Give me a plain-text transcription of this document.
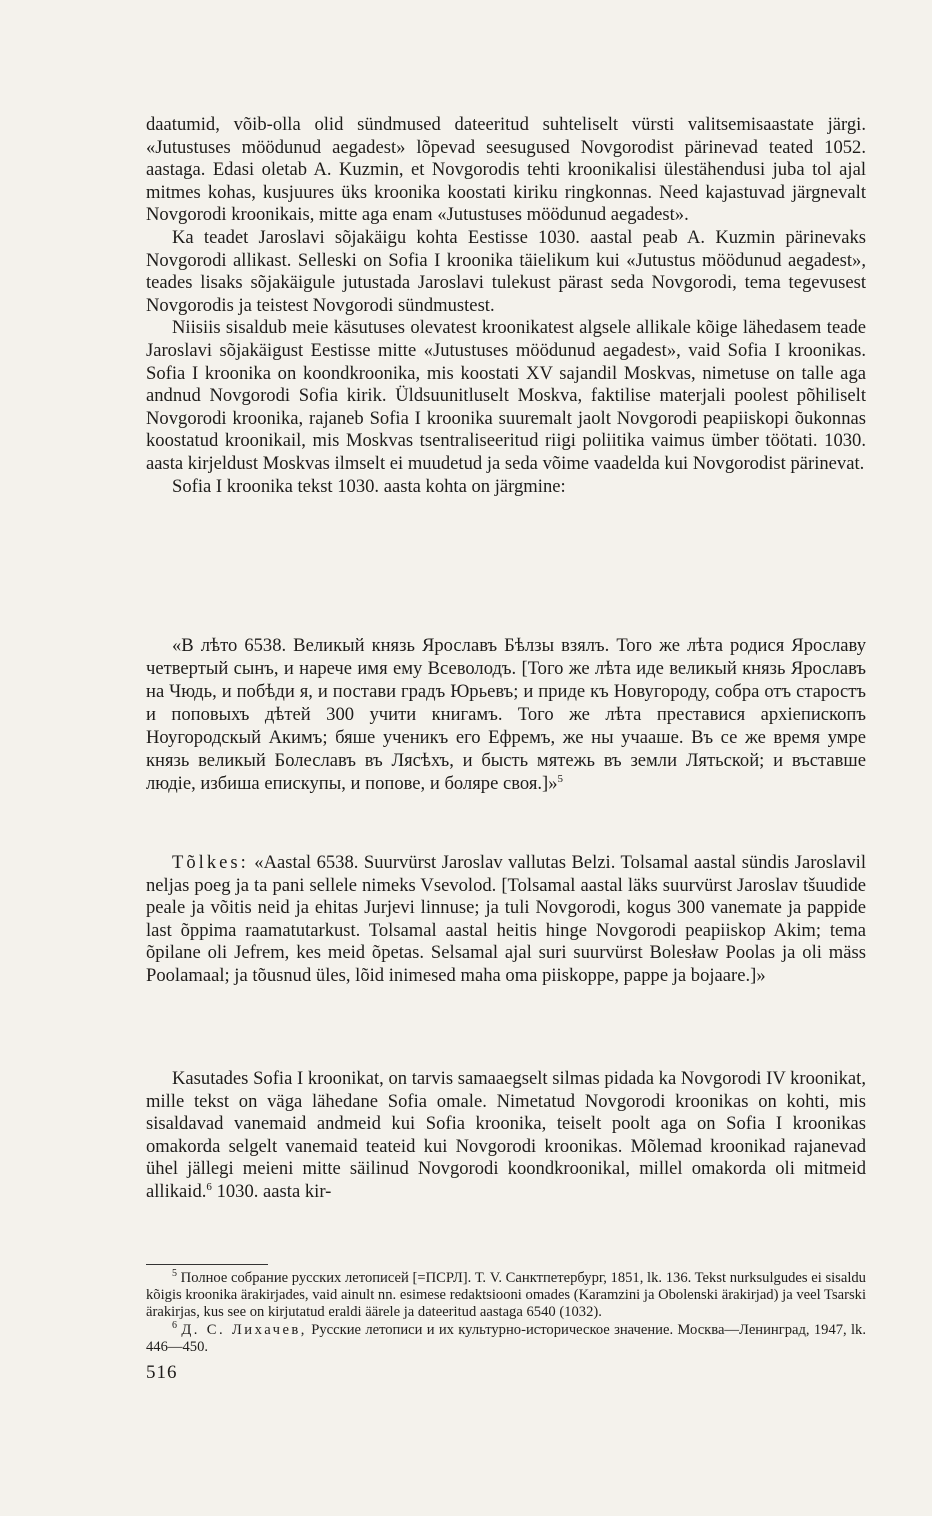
daatumid, võib-olla olid sündmused dateeritud suhteliselt vürsti valitsemisaastate järgi. «Jutustuses möödunud aegadest» lõpevad seesugused Novgorodist pärinevad teated 1052. aastaga. Edasi oletab A. Kuzmin, et Novgorodis tehti kroonikalisi ülestähendusi juba tol ajal mitmes kohas, kusjuures üks kroonika koostati kiriku ringkonnas. Need kajastuvad järgnevalt Novgorodi kroonikais, mitte aga enam «Jutustuses möödunud aegadest».

Ka teadet Jaroslavi sõjakäigu kohta Eestisse 1030. aastal peab A. Kuzmin pärinevaks Novgorodi allikast. Selleski on Sofia I kroonika täielikum kui «Jutustus möödunud aegadest», teades lisaks sõjakäigule jutustada Jaroslavi tulekust pärast seda Novgorodi, tema tegevusest Novgorodis ja teistest Novgorodi sündmustest.

Niisiis sisaldub meie käsutuses olevatest kroonikatest algsele allikale kõige lähedasem teade Jaroslavi sõjakäigust Eestisse mitte «Jutustuses möödunud aegadest», vaid Sofia I kroonikas. Sofia I kroonika on koondkroonika, mis koostati XV sajandil Moskvas, nimetuse on talle aga andnud Novgorodi Sofia kirik. Üldsuunitluselt Moskva, faktilise materjali poolest põhiliselt Novgorodi kroonika, rajaneb Sofia I kroonika suuremalt jaolt Novgorodi peapiiskopi õukonnas koostatud kroonikail, mis Moskvas tsentraliseeritud riigi poliitika vaimus ümber töötati. 1030. aasta kirjeldust Moskvas ilmselt ei muudetud ja seda võime vaadelda kui Novgorodist pärinevat.

Sofia I kroonika tekst 1030. aasta kohta on järgmine:

«В лѣто 6538. Великый князь Ярославъ Бѣлзы взялъ. Того же лѣта родися Ярославу четвертый сынъ, и нарече имя ему Всеволодъ. [Того же лѣта иде великый князь Ярославъ на Чюдь, и побѣди я, и постави градъ Юрьевъ; и приде къ Новугороду, собра отъ старостъ и поповыхъ дѣтей 300 учити книгамъ. Того же лѣта преставися архіепископъ Ноугородскый Акимъ; бяше ученикъ его Ефремъ, же ны учааше. Въ се же время умре князь великый Болеславъ въ Лясѣхъ, и бысть мятежь въ земли Лятьской; и въставше людіе, избиша епискупы, и попове, и боляре своя.]»$^5$

Tõlkes: «Aastal 6538. Suurvürst Jaroslav vallutas Belzi. Tolsamal aastal sündis Jaroslavil neljas poeg ja ta pani sellele nimeks Vsevolod. [Tolsamal aastal läks suurvürst Jaroslav tšuudide peale ja võitis neid ja ehitas Jurjevi linnuse; ja tuli Novgorodi, kogus 300 vanemate ja pappide last õppima raamatutarkust. Tolsamal aastal heitis hinge Novgorodi peapiiskop Akim; tema õpilane oli Jefrem, kes meid õpetas. Selsamal ajal suri suurvürst Bolesław Poolas ja oli mäss Poolamaal; ja tõusnud üles, lõid inimesed maha oma piiskoppe, pappe ja bojaare.]»

Kasutades Sofia I kroonikat, on tarvis samaaegselt silmas pidada ka Novgorodi IV kroonikat, mille tekst on väga lähedane Sofia omale. Nimetatud Novgorodi kroonikas on kohti, mis sisaldavad vanemaid andmeid kui Sofia kroonika, teiselt poolt aga on Sofia I kroonikas omakorda selgelt vanemaid teateid kui Novgorodi kroonikas. Mõlemad kroonikad rajanevad ühel jällegi meieni mitte säilinud Novgorodi koondkroonikal, millel omakorda oli mitmeid allikaid.$^6$ 1030. aasta kir-

$^5$ Полное собрание русских летописей [=ПСРЛ]. Т. V. Санктпетербург, 1851, lk. 136. Tekst nurksulgudes ei sisaldu kõigis kroonika ärakirjades, vaid ainult nn. esimese redaktsiooni omades (Karamzini ja Obolenski ärakirjad) ja veel Tsarski ärakirjas, kus see on kirjutatud eraldi äärele ja dateeritud aastaga 6540 (1032).

$^6$ Д. С. Лихачев, Русские летописи и их культурно-историческое значение. Москва—Ленинград, 1947, lk. 446—450.

516
